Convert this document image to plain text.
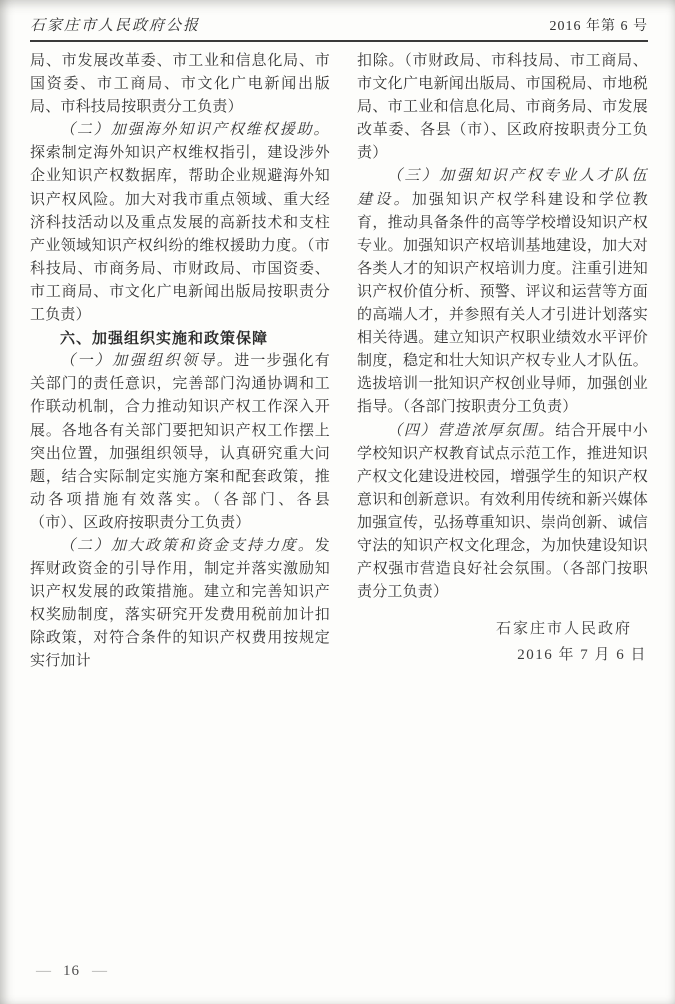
石家庄市人民政府公报	2016 年第 6 号

局、市发展改革委、市工业和信息化局、市国资委、市工商局、市文化广电新闻出版局、市科技局按职责分工负责）

（二）加强海外知识产权维权援助。探索制定海外知识产权维权指引，建设涉外企业知识产权数据库，帮助企业规避海外知识产权风险。加大对我市重点领域、重大经济科技活动以及重点发展的高新技术和支柱产业领域知识产权纠纷的维权援助力度。（市科技局、市商务局、市财政局、市国资委、市工商局、市文化广电新闻出版局按职责分工负责）

六、加强组织实施和政策保障

（一）加强组织领导。进一步强化有关部门的责任意识，完善部门沟通协调和工作联动机制，合力推动知识产权工作深入开展。各地各有关部门要把知识产权工作摆上突出位置，加强组织领导，认真研究重大问题，结合实际制定实施方案和配套政策，推动各项措施有效落实。（各部门、各县（市）、区政府按职责分工负责）

（二）加大政策和资金支持力度。发挥财政资金的引导作用，制定并落实激励知识产权发展的政策措施。建立和完善知识产权奖励制度，落实研究开发费用税前加计扣除政策，对符合条件的知识产权费用按规定实行加计

扣除。（市财政局、市科技局、市工商局、市文化广电新闻出版局、市国税局、市地税局、市工业和信息化局、市商务局、市发展改革委、各县（市）、区政府按职责分工负责）

（三）加强知识产权专业人才队伍建设。加强知识产权学科建设和学位教育，推动具备条件的高等学校增设知识产权专业。加强知识产权培训基地建设，加大对各类人才的知识产权培训力度。注重引进知识产权价值分析、预警、评议和运营等方面的高端人才，并参照有关人才引进计划落实相关待遇。建立知识产权职业绩效水平评价制度，稳定和壮大知识产权专业人才队伍。选拔培训一批知识产权创业导师，加强创业指导。（各部门按职责分工负责）

（四）营造浓厚氛围。结合开展中小学校知识产权教育试点示范工作，推进知识产权文化建设进校园，增强学生的知识产权意识和创新意识。有效利用传统和新兴媒体加强宣传，弘扬尊重知识、崇尚创新、诚信守法的知识产权文化理念，为加快建设知识产权强市营造良好社会氛围。（各部门按职责分工负责）

石家庄市人民政府

2016 年 7 月 6 日

— 16 —
